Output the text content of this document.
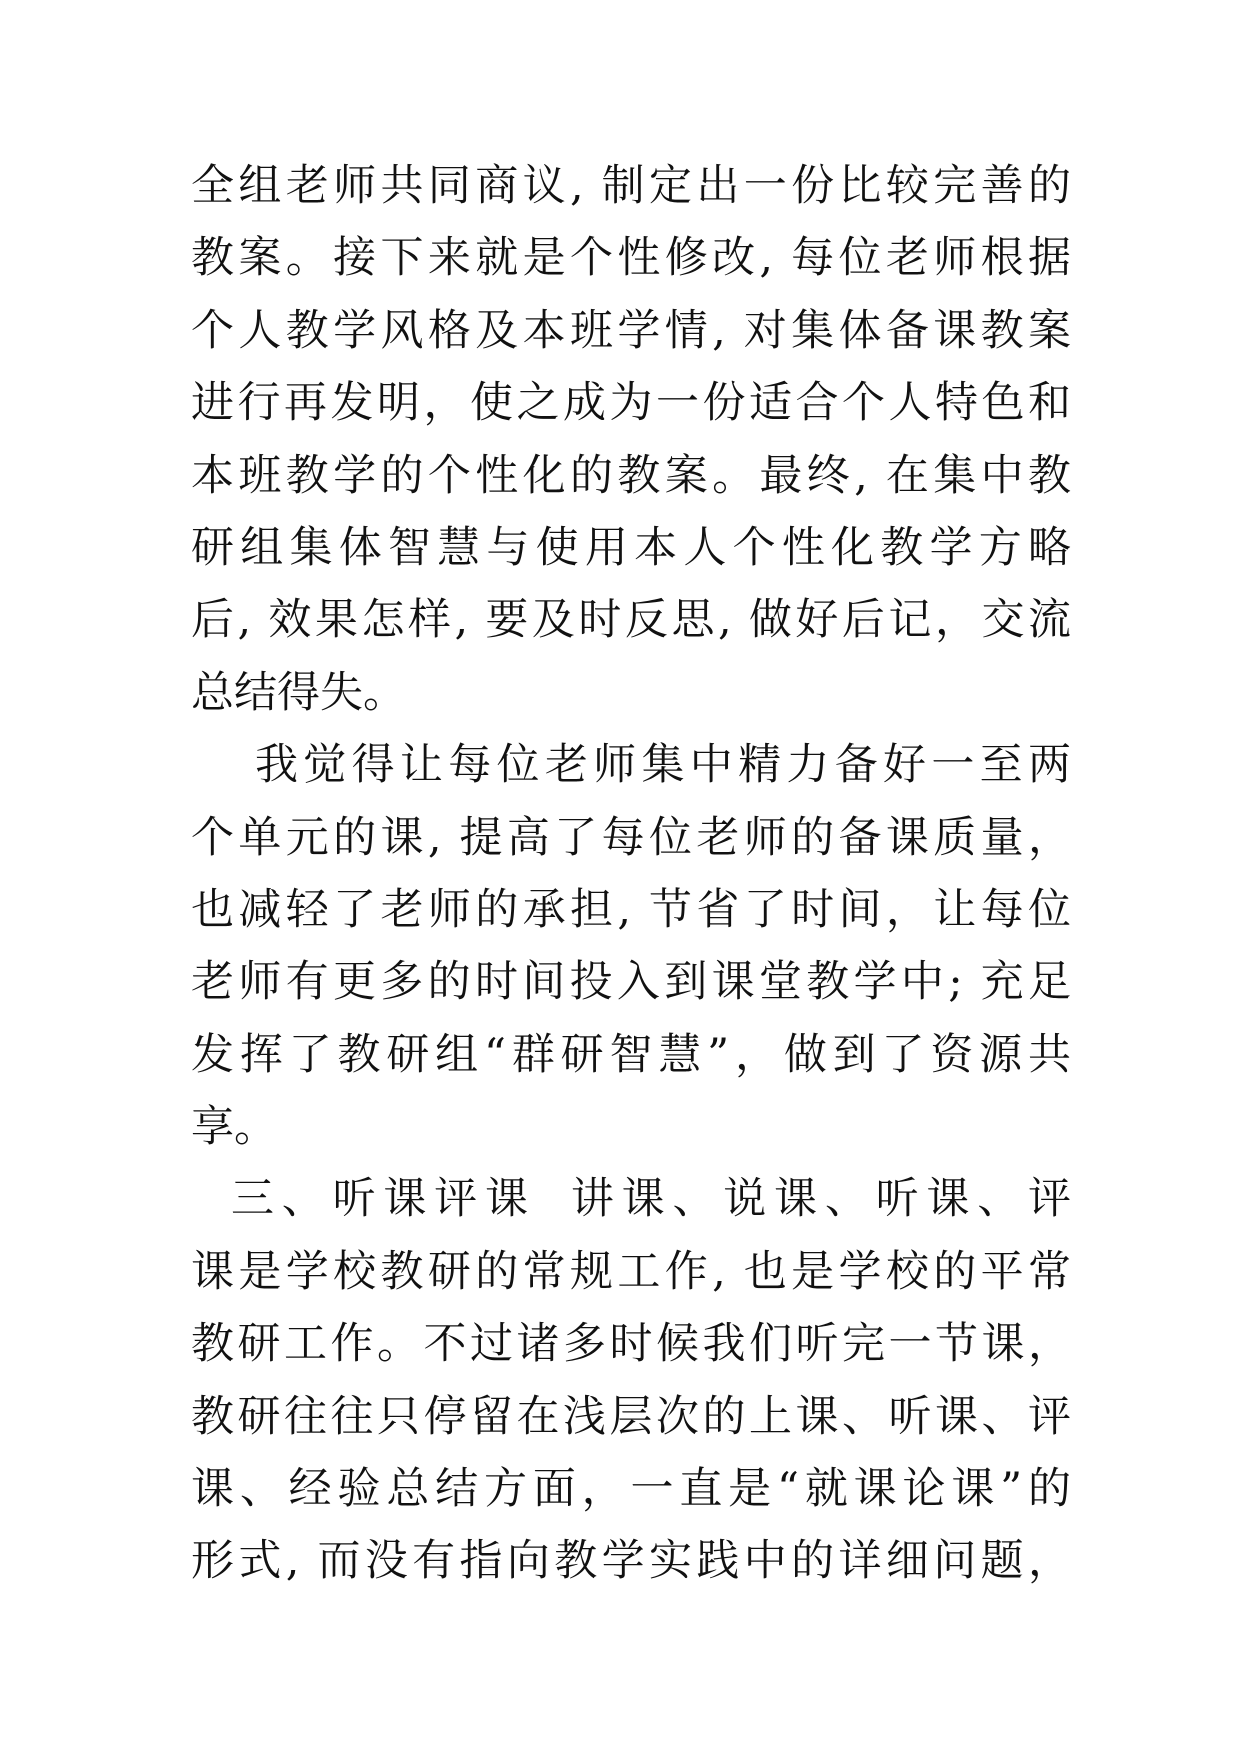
全组老师共同商议, 制定出一份比较完善的
教案。接下来就是个性修改, 每位老师根据
个人教学风格及本班学情, 对集体备课教案
进行再发明，使之成为一份适合个人特色和
本班教学的个性化的教案。最终, 在集中教
研组集体智慧与使用本人个性化教学方略
后, 效果怎样, 要及时反思, 做好后记，交流
总结得失。
我觉得让每位老师集中精力备好一至两
个单元的课, 提高了每位老师的备课质量，
也减轻了老师的承担, 节省了时间，让每位
老师有更多的时间投入到课堂教学中; 充足
发挥了教研组“群研智慧”，做到了资源共
享。
三、听课评课  讲课、说课、听课、评
课是学校教研的常规工作, 也是学校的平常
教研工作。不过诸多时候我们听完一节课，
教研往往只停留在浅层次的上课、听课、评
课、经验总结方面，一直是“就课论课”的
形式, 而没有指向教学实践中的详细问题，
